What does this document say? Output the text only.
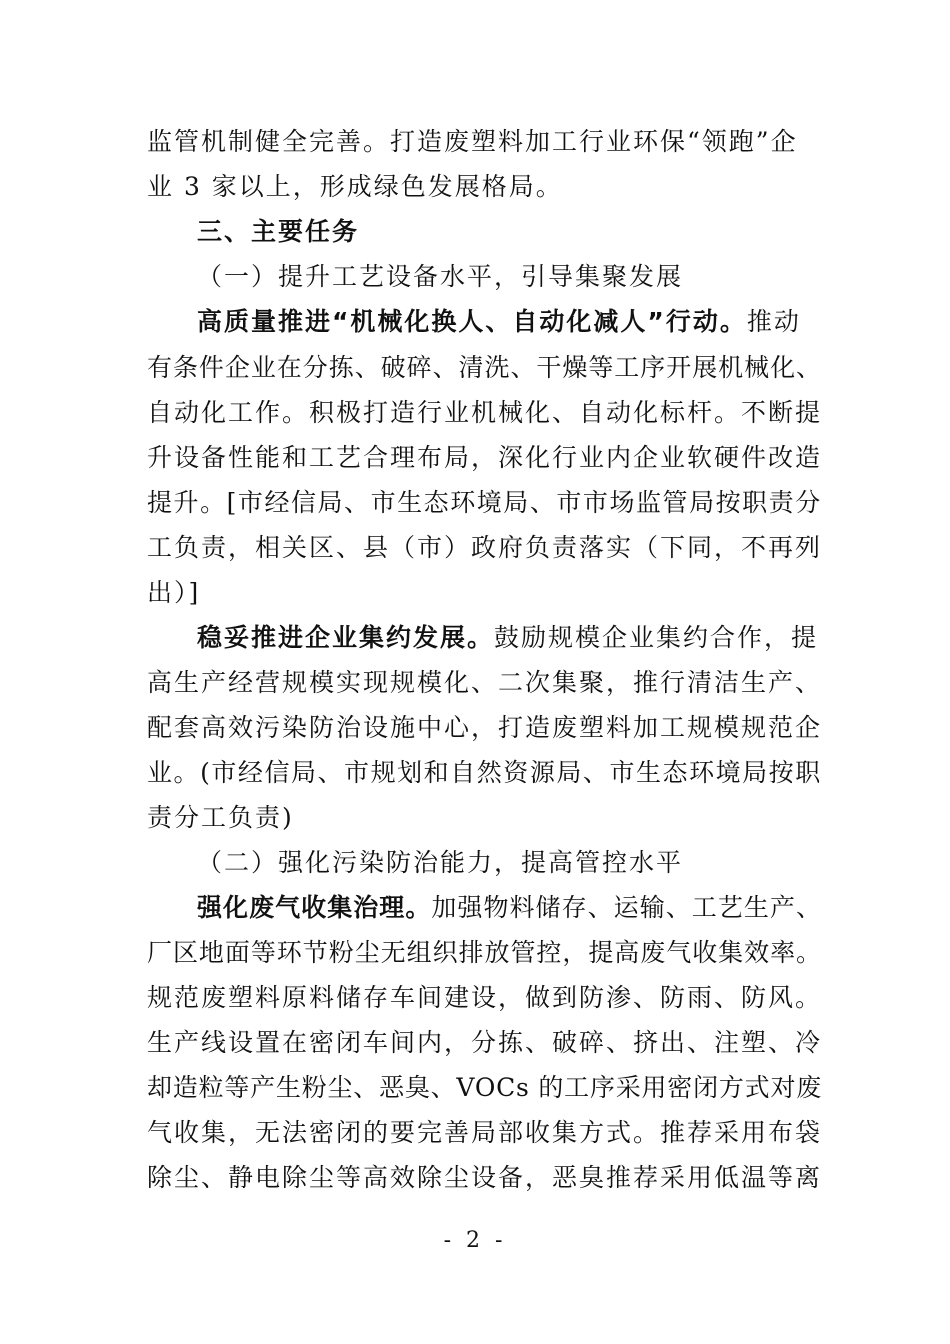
监管机制健全完善。打造废塑料加工行业环保“领跑”企
业 3 家以上，形成绿色发展格局。
三、主要任务
（一）提升工艺设备水平，引导集聚发展
高质量推进“机械化换人、自动化减人”行动。推动
有条件企业在分拣、破碎、清洗、干燥等工序开展机械化、
自动化工作。积极打造行业机械化、自动化标杆。不断提
升设备性能和工艺合理布局，深化行业内企业软硬件改造
提升。[市经信局、市生态环境局、市市场监管局按职责分
工负责，相关区、县（市）政府负责落实（下同，不再列
出）]
稳妥推进企业集约发展。鼓励规模企业集约合作，提
高生产经营规模实现规模化、二次集聚，推行清洁生产、
配套高效污染防治设施中心，打造废塑料加工规模规范企
业。(市经信局、市规划和自然资源局、市生态环境局按职
责分工负责)
（二）强化污染防治能力，提高管控水平
强化废气收集治理。加强物料储存、运输、工艺生产、
厂区地面等环节粉尘无组织排放管控，提高废气收集效率。
规范废塑料原料储存车间建设，做到防渗、防雨、防风。
生产线设置在密闭车间内，分拣、破碎、挤出、注塑、冷
却造粒等产生粉尘、恶臭、VOCs 的工序采用密闭方式对废
气收集，无法密闭的要完善局部收集方式。推荐采用布袋
除尘、静电除尘等高效除尘设备，恶臭推荐采用低温等离
- 2 -
